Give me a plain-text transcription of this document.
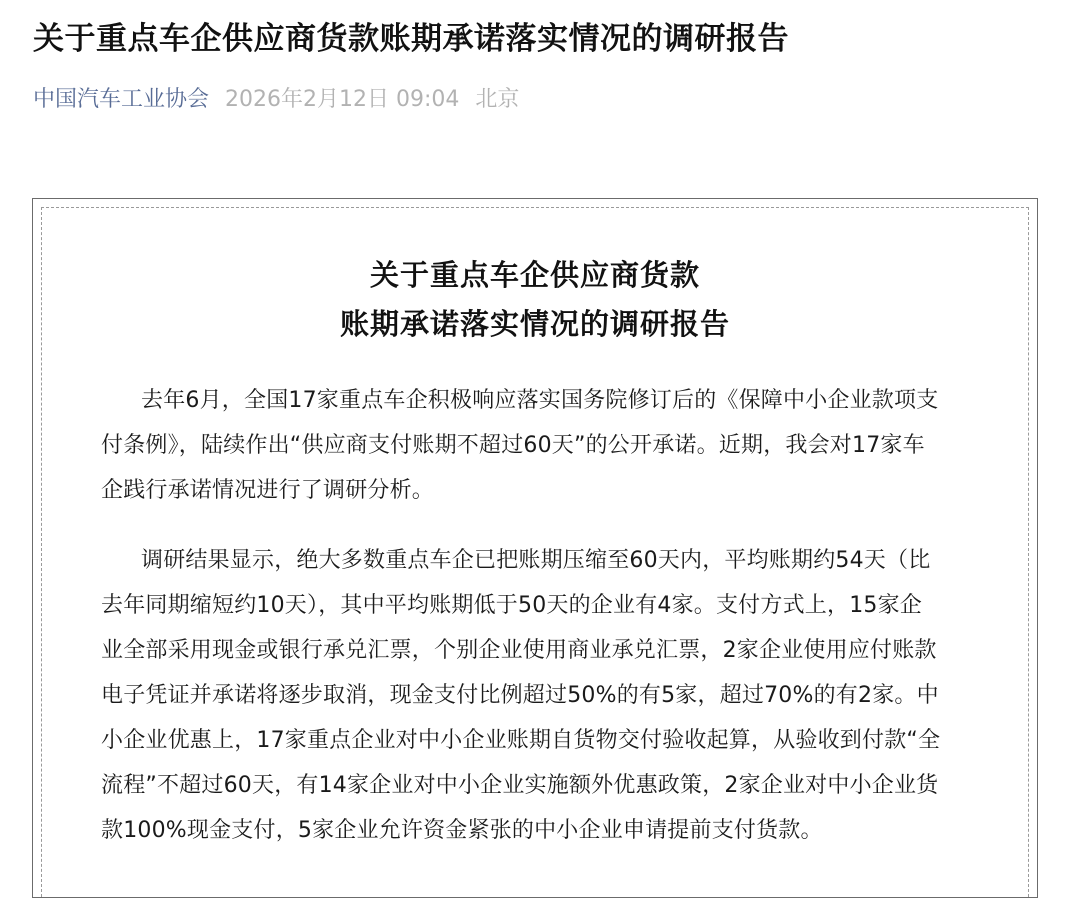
关于重点车企供应商货款账期承诺落实情况的调研报告
中国汽车工业协会 2026年2月12日 09:04 北京
关于重点车企供应商货款
账期承诺落实情况的调研报告

去年6月，全国17家重点车企积极响应落实国务院修订后的《保障中小企业款项支
付条例》，陆续作出“供应商支付账期不超过60天”的公开承诺。近期，我会对17家车
企践行承诺情况进行了调研分析。

调研结果显示，绝大多数重点车企已把账期压缩至60天内，平均账期约54天（比
去年同期缩短约10天），其中平均账期低于50天的企业有4家。支付方式上，15家企
业全部采用现金或银行承兑汇票，个别企业使用商业承兑汇票，2家企业使用应付账款
电子凭证并承诺将逐步取消，现金支付比例超过50%的有5家，超过70%的有2家。中
小企业优惠上，17家重点企业对中小企业账期自货物交付验收起算，从验收到付款“全
流程”不超过60天，有14家企业对中小企业实施额外优惠政策，2家企业对中小企业货
款100%现金支付，5家企业允许资金紧张的中小企业申请提前支付货款。
